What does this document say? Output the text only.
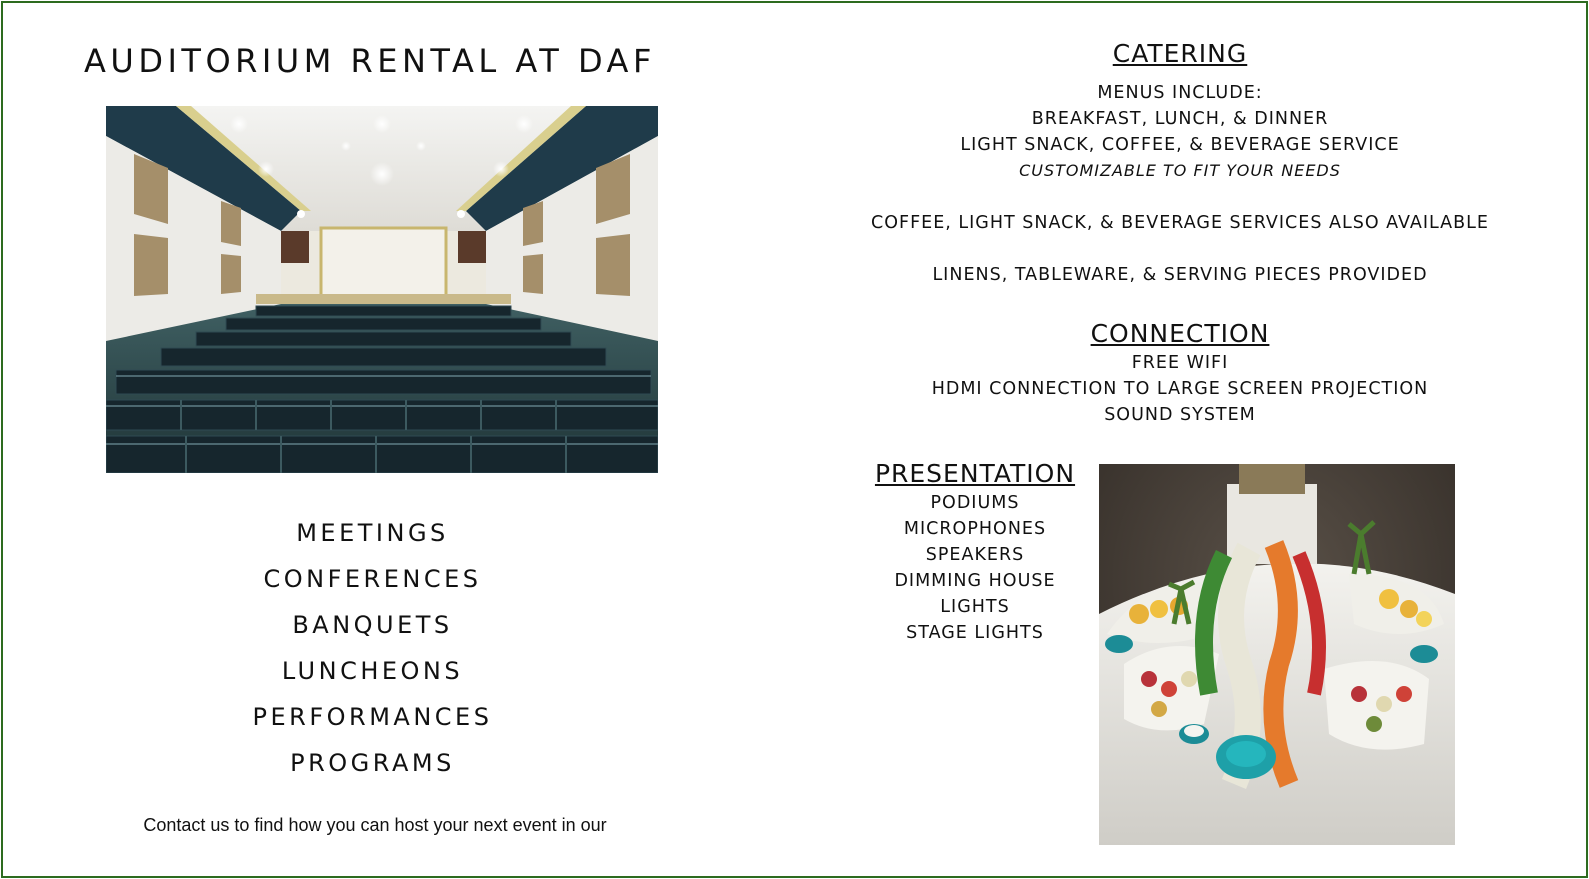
AUDITORIUM RENTAL AT DAF
MEETINGS
CONFERENCES
BANQUETS
LUNCHEONS
PERFORMANCES
PROGRAMS
Contact us to find how you can host your next event in our
CATERING
MENUS INCLUDE:
BREAKFAST, LUNCH, & DINNER
LIGHT SNACK, COFFEE, & BEVERAGE SERVICE
CUSTOMIZABLE TO FIT YOUR NEEDS
COFFEE, LIGHT SNACK, & BEVERAGE SERVICES ALSO AVAILABLE
LINENS, TABLEWARE, & SERVING PIECES PROVIDED
CONNECTION
FREE WIFI
HDMI CONNECTION TO LARGE SCREEN PROJECTION
SOUND SYSTEM
PRESENTATION
PODIUMS
MICROPHONES
SPEAKERS
DIMMING HOUSE
LIGHTS
STAGE LIGHTS
